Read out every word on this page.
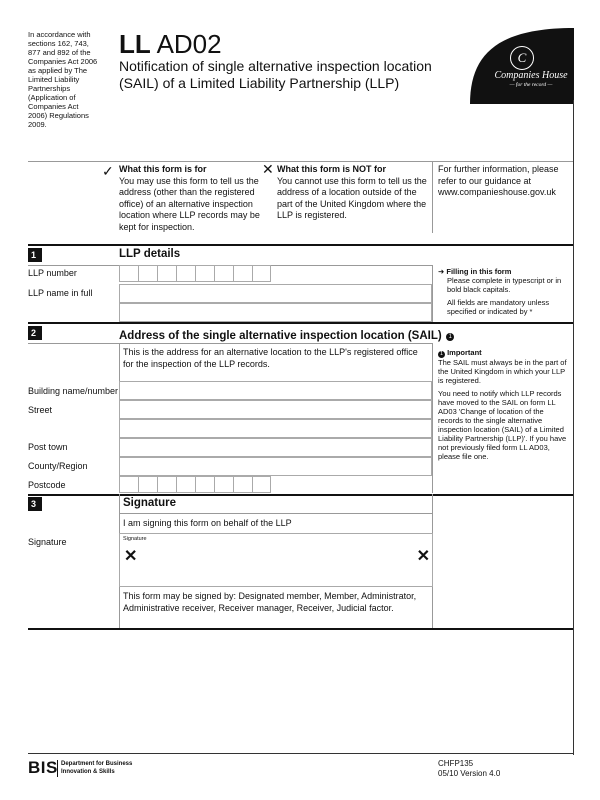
In accordance with sections 162, 743, 877 and 892 of the Companies Act 2006 as applied by The Limited Liability Partnerships (Application of Companies Act 2006) Regulations 2009.
LL AD02
Notification of single alternative inspection location (SAIL) of a Limited Liability Partnership (LLP)
C
Companies House
— for the record —
✓ What this form is for
You may use this form to tell us the address (other than the registered office) of an alternative inspection location where LLP records may be kept for inspection.
✕ What this form is NOT for
You cannot use this form to tell us the address of a location outside of the part of the United Kingdom where the LLP is registered.
For further information, please refer to our guidance at www.companieshouse.gov.uk
1	LLP details
LLP number
LLP name in full
➜ Filling in this form
Please complete in typescript or in bold black capitals.
All fields are mandatory unless specified or indicated by *
2	Address of the single alternative inspection location (SAIL) 1
This is the address for an alternative location to the LLP's registered office for the inspection of the LLP records.
Building name/number
Street
Post town
County/Region
Postcode
1 Important
The SAIL must always be in the part of the United Kingdom in which your LLP is registered.
You need to notify which LLP records have moved to the SAIL on form LL AD03 'Change of location of the records to the single alternative inspection location (SAIL) of a Limited Liability Partnership (LLP)'. If you have not previously filed form LL AD03, please file one.
3	Signature
I am signing this form on behalf of the LLP
Signature	Signature
✕	✕
This form may be signed by: Designated member, Member, Administrator, Administrative receiver, Receiver manager, Receiver, Judicial factor.
BIS Department for Business
Innovation & Skills
CHFP135
05/10 Version 4.0
